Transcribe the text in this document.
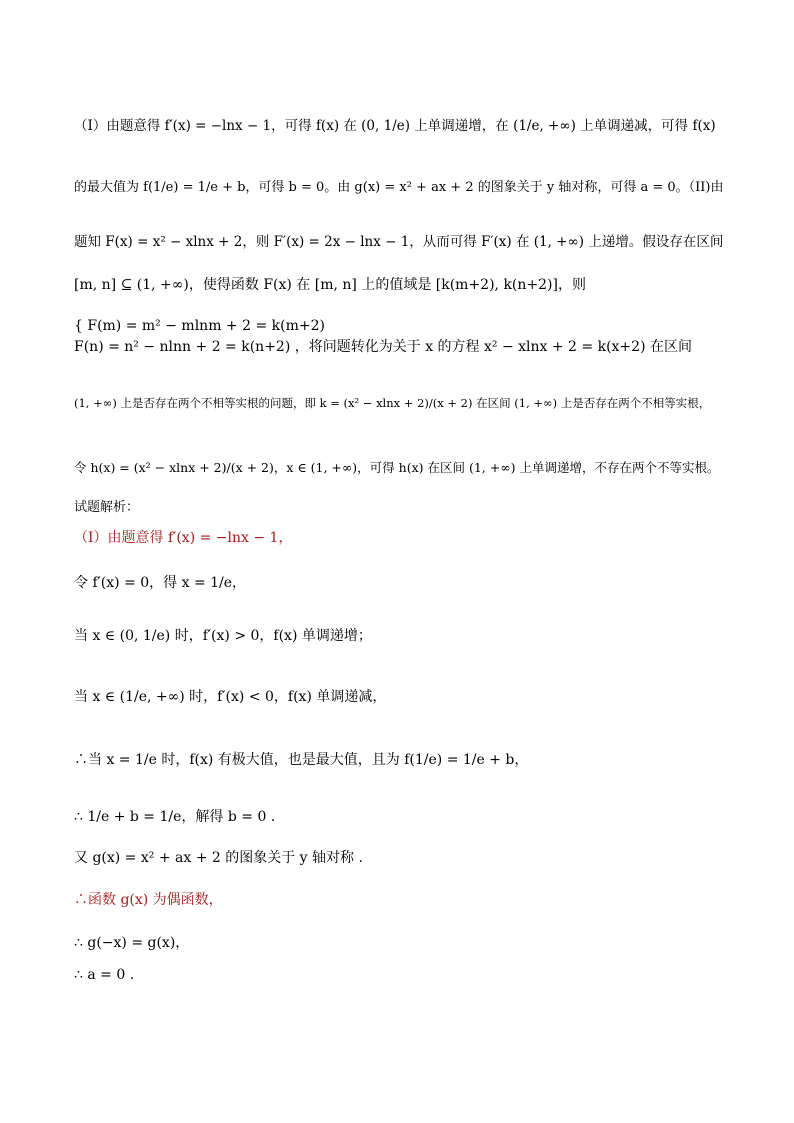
（I）由题意得 f′(x) = −lnx − 1，可得 f(x) 在 (0, 1/e) 上单调递增，在 (1/e, +∞) 上单调递减，可得 f(x)
的最大值为 f(1/e) = 1/e + b，可得 b = 0。由 g(x) = x² + ax + 2 的图象关于 y 轴对称，可得 a = 0。（II)由
题知 F(x) = x² − xlnx + 2，则 F′(x) = 2x − lnx − 1，从而可得 F′(x) 在 (1, +∞) 上递增。假设存在区间
[m, n] ⊆ (1, +∞)，使得函数 F(x) 在 [m, n] 上的值域是 [k(m+2), k(n+2)]，则
{ F(m) = m² − mlnm + 2 = k(m+2)
F(n) = n² − nlnn + 2 = k(n+2) ，将问题转化为关于 x 的方程 x² − xlnx + 2 = k(x+2) 在区间
(1, +∞) 上是否存在两个不相等实根的问题，即 k = (x² − xlnx + 2)/(x + 2) 在区间 (1, +∞) 上是否存在两个不相等实根，
令 h(x) = (x² − xlnx + 2)/(x + 2)，x ∈ (1, +∞)，可得 h(x) 在区间 (1, +∞) 上单调递增，不存在两个不等实根。
试题解析：
（I）由题意得 f′(x) = −lnx − 1，
令 f′(x) = 0，得 x = 1/e，
当 x ∈ (0, 1/e) 时，f′(x) > 0，f(x) 单调递增；
当 x ∈ (1/e, +∞) 时，f′(x) < 0，f(x) 单调递减，
∴当 x = 1/e 时，f(x) 有极大值，也是最大值，且为 f(1/e) = 1/e + b，
∴ 1/e + b = 1/e，解得 b = 0 .
又 g(x) = x² + ax + 2 的图象关于 y 轴对称 .
∴函数 g(x) 为偶函数，
∴ g(−x) = g(x)，
∴ a = 0 .
